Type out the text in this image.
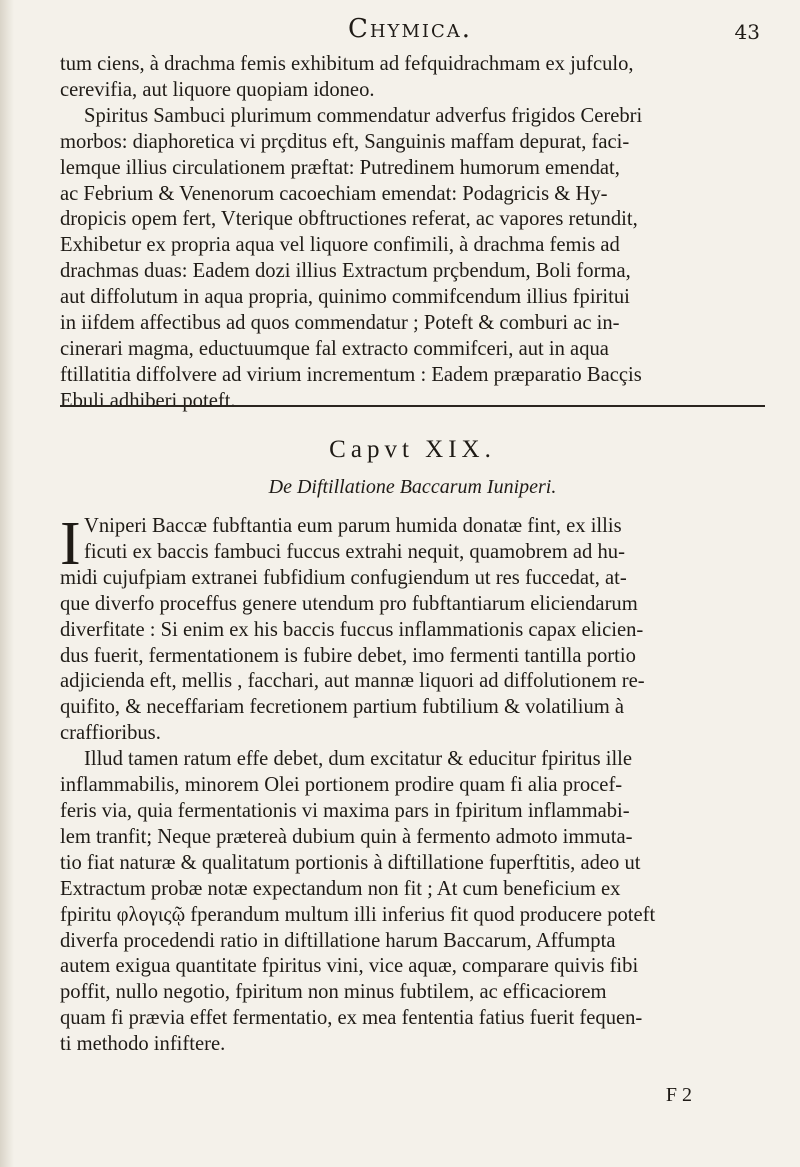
Chymica.	43
tum ciens, à drachma femis exhibitum ad fefquidrachmam ex jufculo,
cerevifia, aut liquore quopiam idoneo.
Spiritus Sambuci plurimum commendatur adverfus frigidos Cerebri
morbos: diaphoretica vi prçditus eft, Sanguinis maffam depurat, faci-
lemque illius circulationem præftat: Putredinem humorum emendat,
ac Febrium & Venenorum cacoechiam emendat: Podagricis & Hy-
dropicis opem fert, Vterique obftructiones referat, ac vapores retundit,
Exhibetur ex propria aqua vel liquore confimili, à drachma femis ad
drachmas duas: Eadem dozi illius Extractum prçbendum, Boli forma,
aut diffolutum in aqua propria, quinimo commifcendum illius fpiritui
in iifdem affectibus ad quos commendatur ; Poteft & comburi ac in-
cinerari magma, eductuumque fal extracto commifceri, aut in aqua
ftillatitia diffolvere ad virium incrementum : Eadem præparatio Bacçis
Ebuli adhiberi poteft.
Capvt XIX.
De Diftillatione Baccarum Iuniperi.
I Vniperi Baccæ fubftantia eum parum humida donatæ fint, ex illis
ficuti ex baccis fambuci fuccus extrahi nequit, quamobrem ad hu-
midi cujufpiam extranei fubfidium confugiendum ut res fuccedat, at-
que diverfo proceffus genere utendum pro fubftantiarum eliciendarum
diverfitate : Si enim ex his baccis fuccus inflammationis capax elicien-
dus fuerit, fermentationem is fubire debet, imo fermenti tantilla portio
adjicienda eft, mellis , facchari, aut mannæ liquori ad diffolutionem re-
quifito, & neceffariam fecretionem partium fubtilium & volatilium à
craffioribus.
Illud tamen ratum effe debet, dum excitatur & educitur fpiritus ille
inflammabilis, minorem Olei portionem prodire quam fi alia procef-
feris via, quia fermentationis vi maxima pars in fpiritum inflammabi-
lem tranfit; Neque prætereà dubium quin à fermento admoto immuta-
tio fiat naturæ & qualitatum portionis à diftillatione fuperftitis, adeo ut
Extractum probæ notæ expectandum non fit ; At cum beneficium ex
fpiritu φλογιςῷ fperandum multum illi inferius fit quod producere poteft
diverfa procedendi ratio in diftillatione harum Baccarum, Affumpta
autem exigua quantitate fpiritus vini, vice aquæ, comparare quivis fibi
poffit, nullo negotio, fpiritum non minus fubtilem, ac efficaciorem
quam fi prævia effet fermentatio, ex mea fententia fatius fuerit fequen-
ti methodo infiftere.
F 2
